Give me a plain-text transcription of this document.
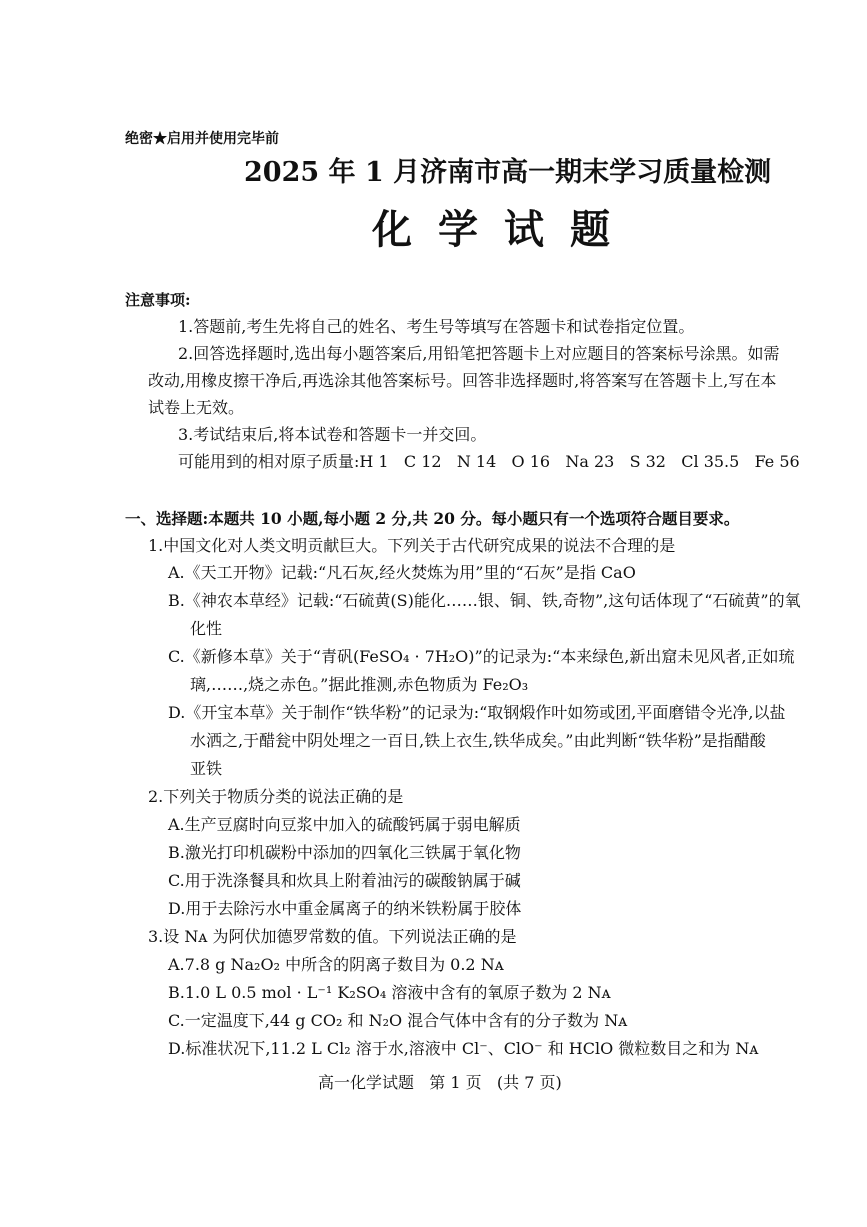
绝密★启用并使用完毕前
2025 年 1 月济南市高一期末学习质量检测
化学试题
注意事项:
1.答题前,考生先将自己的姓名、考生号等填写在答题卡和试卷指定位置。
2.回答选择题时,选出每小题答案后,用铅笔把答题卡上对应题目的答案标号涂黑。如需
改动,用橡皮擦干净后,再选涂其他答案标号。回答非选择题时,将答案写在答题卡上,写在本
试卷上无效。
3.考试结束后,将本试卷和答题卡一并交回。
可能用到的相对原子质量:H 1   C 12   N 14   O 16   Na 23   S 32   Cl 35.5   Fe 56
一、选择题:本题共 10 小题,每小题 2 分,共 20 分。每小题只有一个选项符合题目要求。
1.中国文化对人类文明贡献巨大。下列关于古代研究成果的说法不合理的是
A.《天工开物》记载:“凡石灰,经火焚炼为用”里的“石灰”是指 CaO
B.《神农本草经》记载:“石硫黄(S)能化……银、铜、铁,奇物”,这句话体现了“石硫黄”的氧
化性
C.《新修本草》关于“青矾(FeSO₄ · 7H₂O)”的记录为:“本来绿色,新出窟未见风者,正如琉
璃,……,烧之赤色。”据此推测,赤色物质为 Fe₂O₃
D.《开宝本草》关于制作“铁华粉”的记录为:“取钢煅作叶如笏或团,平面磨错令光净,以盐
水洒之,于醋瓮中阴处埋之一百日,铁上衣生,铁华成矣。”由此判断“铁华粉”是指醋酸
亚铁
2.下列关于物质分类的说法正确的是
A.生产豆腐时向豆浆中加入的硫酸钙属于弱电解质
B.激光打印机碳粉中添加的四氧化三铁属于氧化物
C.用于洗涤餐具和炊具上附着油污的碳酸钠属于碱
D.用于去除污水中重金属离子的纳米铁粉属于胶体
3.设 Nᴀ 为阿伏加德罗常数的值。下列说法正确的是
A.7.8 g Na₂O₂ 中所含的阴离子数目为 0.2 Nᴀ
B.1.0 L 0.5 mol · L⁻¹ K₂SO₄ 溶液中含有的氧原子数为 2 Nᴀ
C.一定温度下,44 g CO₂ 和 N₂O 混合气体中含有的分子数为 Nᴀ
D.标准状况下,11.2 L Cl₂ 溶于水,溶液中 Cl⁻、ClO⁻ 和 HClO 微粒数目之和为 Nᴀ
高一化学试题   第 1 页   (共 7 页)
